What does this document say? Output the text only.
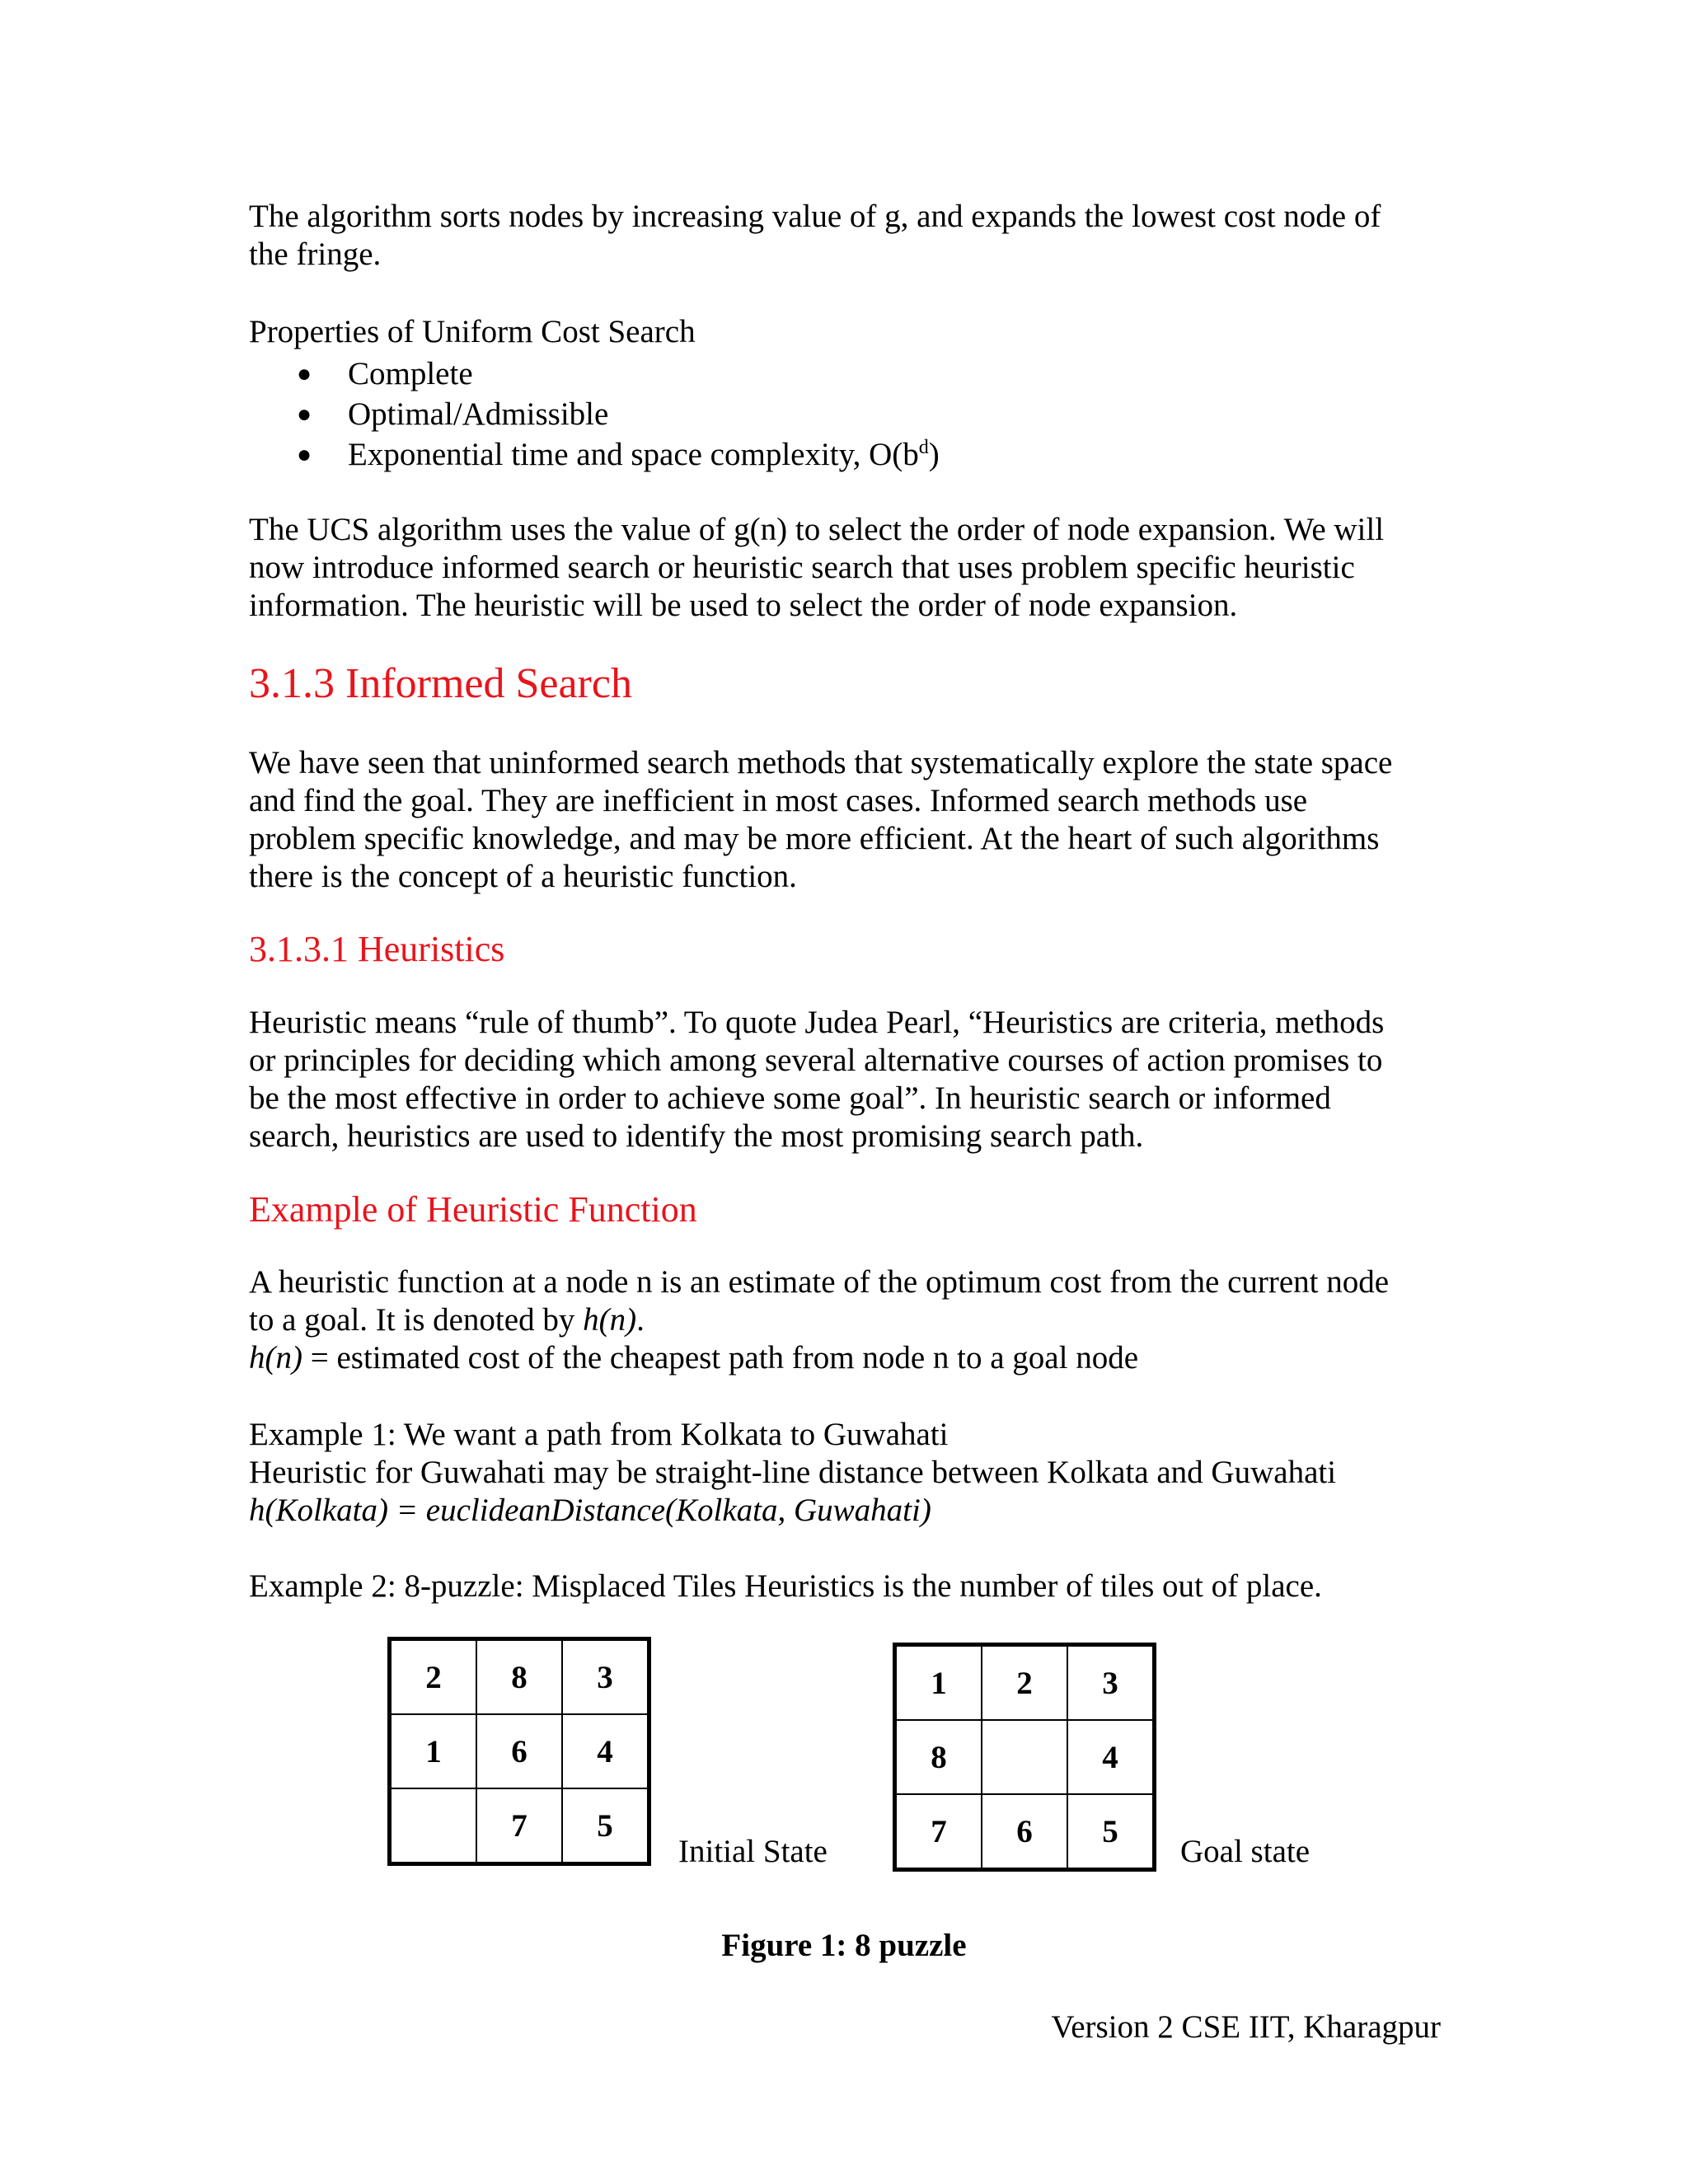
The algorithm sorts nodes by increasing value of g, and expands the lowest cost node of

the fringe.

Properties of Uniform Cost Search

● Complete
● Optimal/Admissible
● Exponential time and space complexity, $O(b^d)$

The UCS algorithm uses the value of g(n) to select the order of node expansion. We will

now introduce informed search or heuristic search that uses problem specific heuristic

information. The heuristic will be used to select the order of node expansion.

3.1.3 Informed Search

We have seen that uninformed search methods that systematically explore the state space

and find the goal. They are inefficient in most cases. Informed search methods use

problem specific knowledge, and may be more efficient. At the heart of such algorithms

there is the concept of a heuristic function.

3.1.3.1 Heuristics

Heuristic means “rule of thumb”. To quote Judea Pearl, “Heuristics are criteria, methods

or principles for deciding which among several alternative courses of action promises to

be the most effective in order to achieve some goal”. In heuristic search or informed

search, heuristics are used to identify the most promising search path.

Example of Heuristic Function

A heuristic function at a node n is an estimate of the optimum cost from the current node

to a goal. It is denoted by h(n).

h(n) = estimated cost of the cheapest path from node n to a goal node

Example 1: We want a path from Kolkata to Guwahati

Heuristic for Guwahati may be straight-line distance between Kolkata and Guwahati

h(Kolkata) = euclideanDistance(Kolkata, Guwahati)

Example 2: 8-puzzle: Misplaced Tiles Heuristics is the number of tiles out of place.

2	8	3
1	6	4
	7	5
Initial State
1	2	3
8		4
7	6	5
Goal state
Figure 1: 8 puzzle
Version 2 CSE IIT, Kharagpur
